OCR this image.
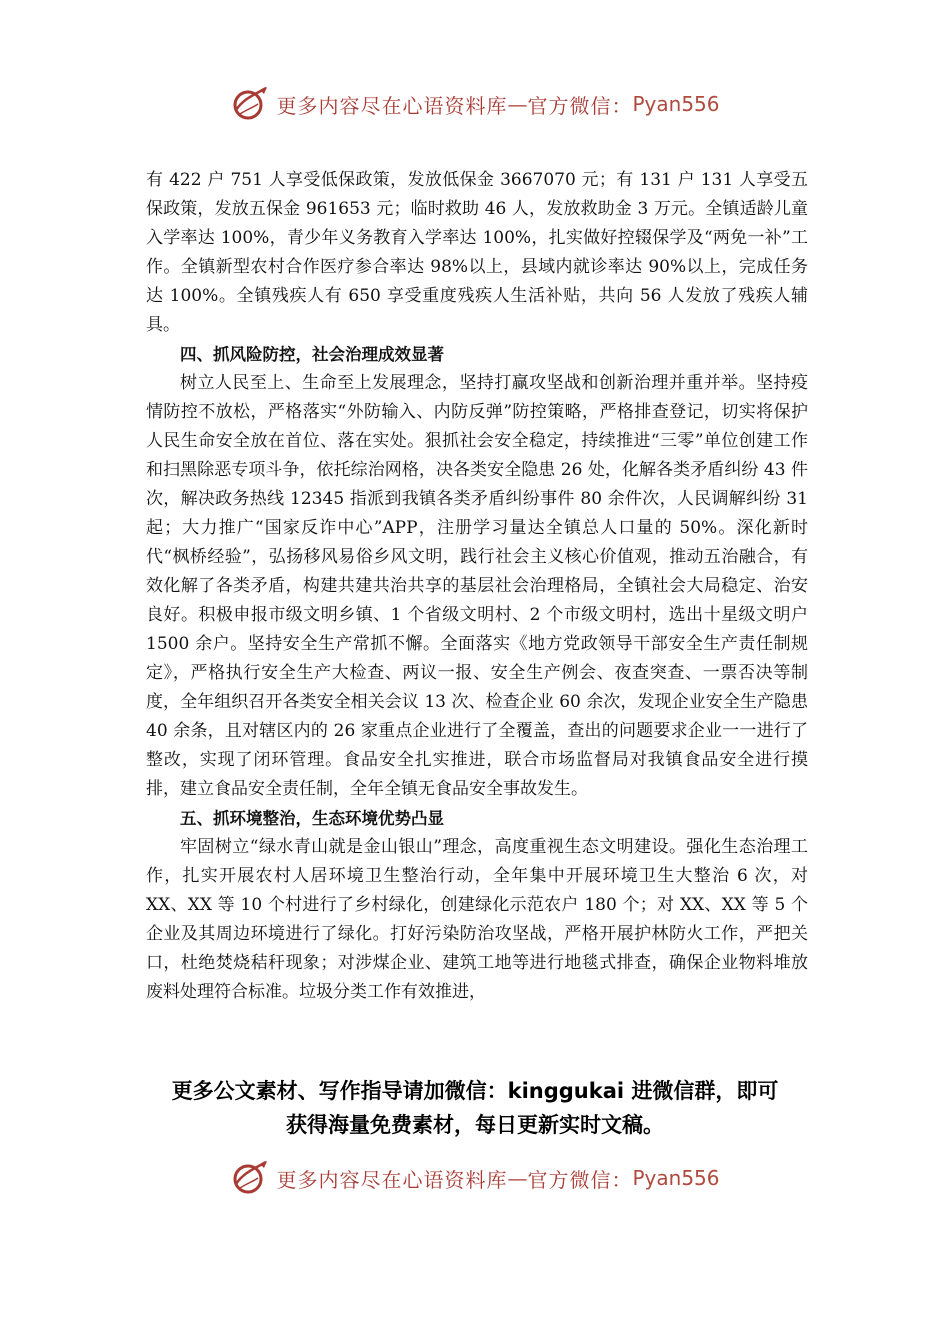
更多内容尽在心语资料库 — 官方微信： Pyan556

有 422 户 751 人享受低保政策，发放低保金 3667070 元；有 131 户 131 人享受五保政策，发放五保金 961653 元；临时救助 46 人，发放救助金 3 万元。全镇适龄儿童入学率达 100%，青少年义务教育入学率达 100%，扎实做好控辍保学及“两免一补”工作。全镇新型农村合作医疗参合率达 98%以上，县域内就诊率达 90%以上，完成任务达 100%。全镇残疾人有 650 享受重度残疾人生活补贴，共向 56 人发放了残疾人辅具。

四、抓风险防控，社会治理成效显著

树立人民至上、生命至上发展理念，坚持打赢攻坚战和创新治理并重并举。坚持疫情防控不放松，严格落实“外防输入、内防反弹”防控策略，严格排查登记，切实将保护人民生命安全放在首位、落在实处。狠抓社会安全稳定，持续推进“三零”单位创建工作和扫黑除恶专项斗争，依托综治网格，决各类安全隐患 26 处，化解各类矛盾纠纷 43 件次，解决政务热线 12345 指派到我镇各类矛盾纠纷事件 80 余件次，人民调解纠纷 31 起；大力推广“国家反诈中心”APP，注册学习量达全镇总人口量的 50%。深化新时代“枫桥经验”，弘扬移风易俗乡风文明，践行社会主义核心价值观，推动五治融合，有效化解了各类矛盾，构建共建共治共享的基层社会治理格局，全镇社会大局稳定、治安良好。积极申报市级文明乡镇、1 个省级文明村、2 个市级文明村，选出十星级文明户 1500 余户。坚持安全生产常抓不懈。全面落实《地方党政领导干部安全生产责任制规定》，严格执行安全生产大检查、两议一报、安全生产例会、夜查突查、一票否决等制度，全年组织召开各类安全相关会议 13 次、检查企业 60 余次，发现企业安全生产隐患 40 余条，且对辖区内的 26 家重点企业进行了全覆盖，查出的问题要求企业一一进行了整改，实现了闭环管理。食品安全扎实推进，联合市场监督局对我镇食品安全进行摸排，建立食品安全责任制，全年全镇无食品安全事故发生。

五、抓环境整治，生态环境优势凸显

牢固树立“绿水青山就是金山银山”理念，高度重视生态文明建设。强化生态治理工作，扎实开展农村人居环境卫生整治行动，全年集中开展环境卫生大整治 6 次，对 XX、XX 等 10 个村进行了乡村绿化，创建绿化示范农户 180 个；对 XX、XX 等 5 个企业及其周边环境进行了绿化。打好污染防治攻坚战，严格开展护林防火工作，严把关口，杜绝焚烧秸秆现象；对涉煤企业、建筑工地等进行地毯式排查，确保企业物料堆放废料处理符合标准。垃圾分类工作有效推进，

更多公文素材、写作指导请加微信：kinggukai 进微信群，即可
获得海量免费素材，每日更新实时文稿。
更多内容尽在心语资料库 — 官方微信： Pyan556
